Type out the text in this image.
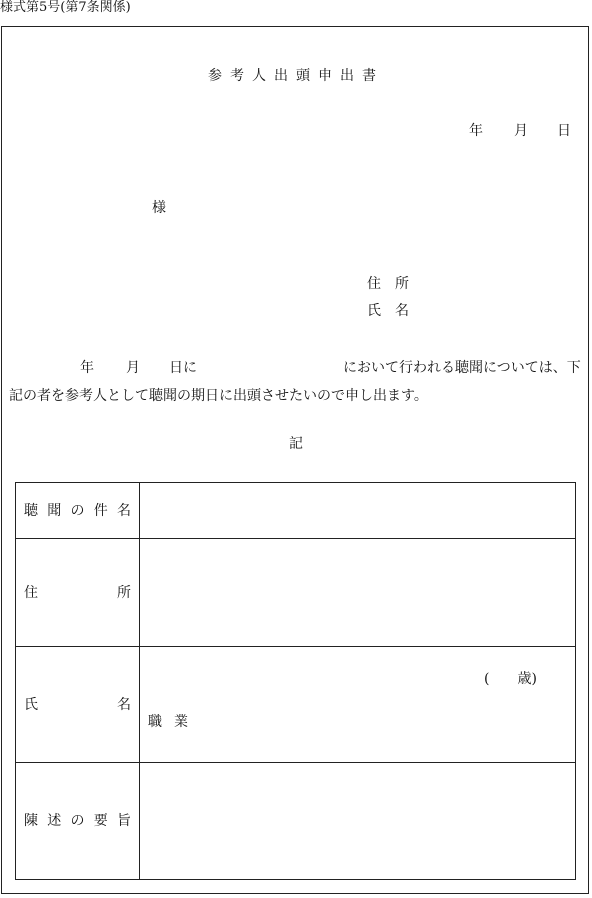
様式第5号(第7条関係)
参考人出頭申出書
年 月 日
様
住所
氏名
年 月 日に	において行われる聴聞については、下
記の者を参考人として聴聞の期日に出頭させたいので申し出ます。
記
聴 聞 の 件 名	

住 所	

氏 名	(　　歳)
職業

陳 述 の 要 旨	
